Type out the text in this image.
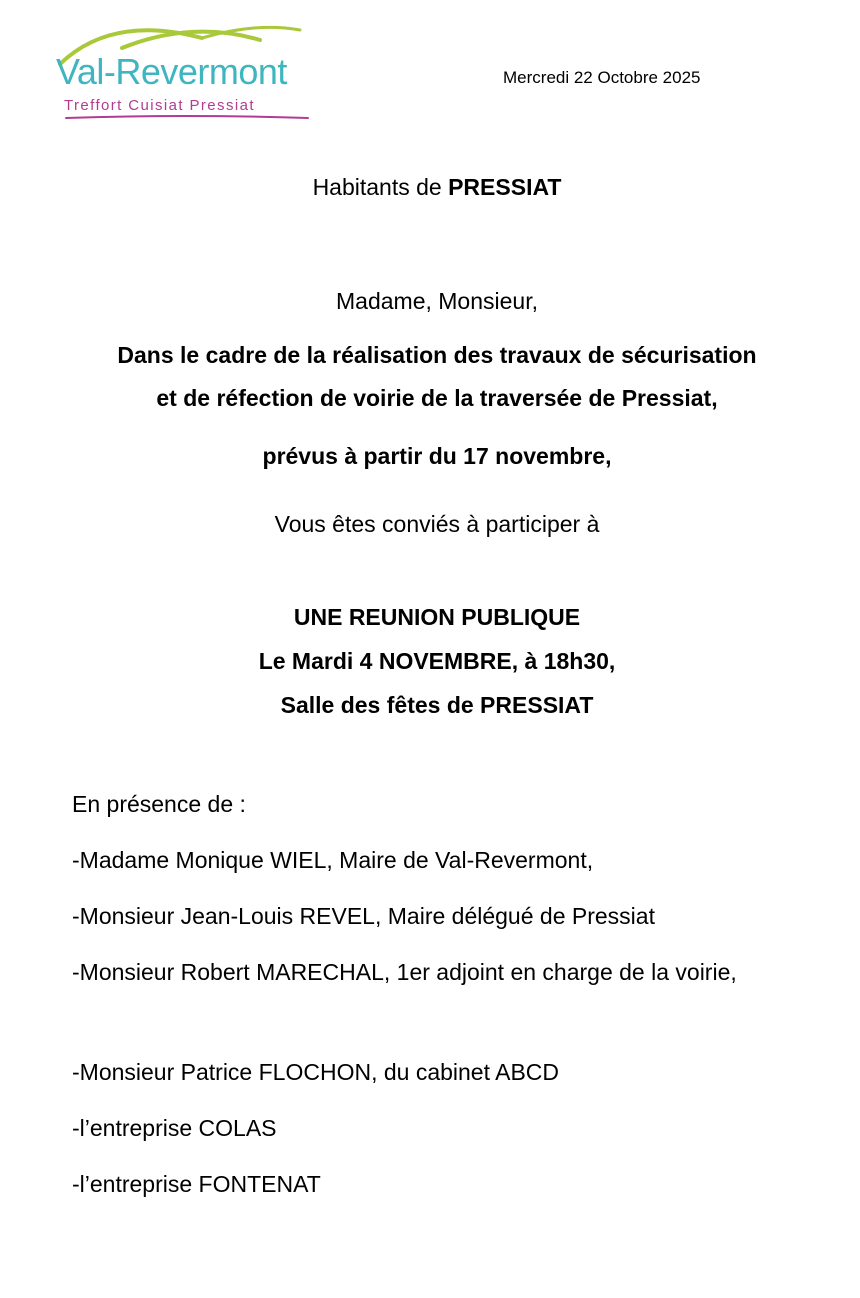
Val-Revermont
Treffort Cuisiat Pressiat
Mercredi 22 Octobre 2025
Habitants de PRESSIAT
Madame, Monsieur,
Dans le cadre de la réalisation des travaux de sécurisation
et de réfection de voirie de la traversée de Pressiat,
prévus à partir du 17 novembre,
Vous êtes conviés à participer à
UNE REUNION PUBLIQUE
Le Mardi 4 NOVEMBRE, à 18h30,
Salle des fêtes de PRESSIAT
En présence de :
-Madame Monique WIEL, Maire de Val-Revermont,
-Monsieur Jean-Louis REVEL, Maire délégué de Pressiat
-Monsieur Robert MARECHAL, 1er adjoint en charge de la voirie,
-Monsieur Patrice FLOCHON, du cabinet ABCD
-l’entreprise COLAS
-l’entreprise FONTENAT
